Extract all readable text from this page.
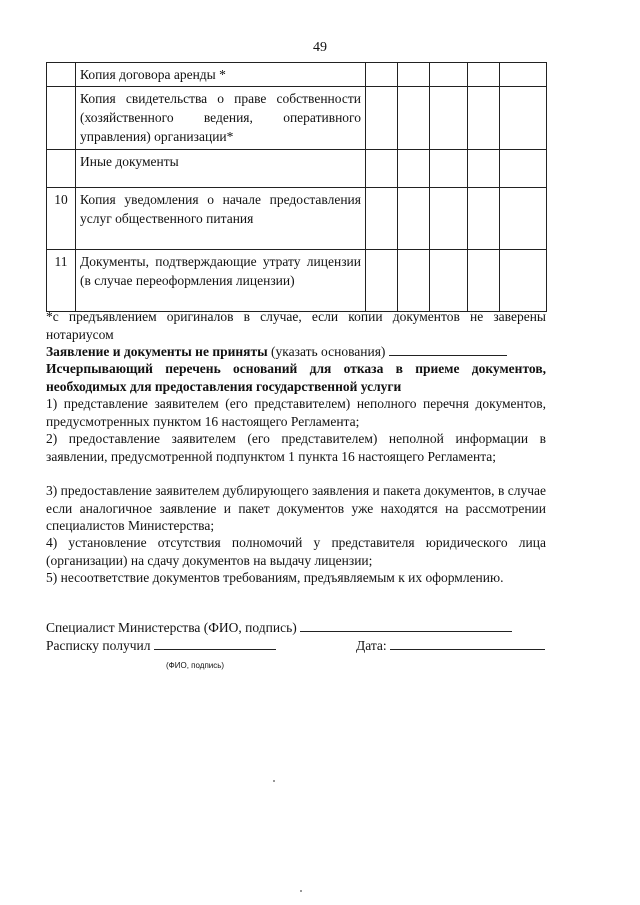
49
	Копия договора аренды *					
	Копия свидетельства о праве собственности (хозяйственного ведения, оперативного управления) организации*					
	Иные документы					
10	Копия уведомления о начале предоставления услуг общественного питания					
11	Документы, подтверждающие утрату лицензии (в случае переоформления лицензии)					
*с предъявлением оригиналов в случае, если копии документов не заверены нотариусом
Заявление и документы не приняты (указать основания)
Исчерпывающий перечень оснований для отказа в приеме документов, необходимых для предоставления государственной услуги
1) представление заявителем (его представителем) неполного перечня документов, предусмотренных пунктом 16 настоящего Регламента;
2) предоставление заявителем (его представителем) неполной информации в заявлении, предусмотренной подпунктом 1 пункта 16 настоящего Регламента;
3) предоставление заявителем дублирующего заявления и пакета документов, в случае если аналогичное заявление и пакет документов уже находятся на рассмотрении специалистов Министерства;
4) установление отсутствия полномочий у представителя юридического лица (организации) на сдачу документов на выдачу лицензии;
5) несоответствие документов требованиям, предъявляемым к их оформлению.
Специалист Министерства (ФИО, подпись)
Расписку получил	Дата:
(ФИО, подпись)
